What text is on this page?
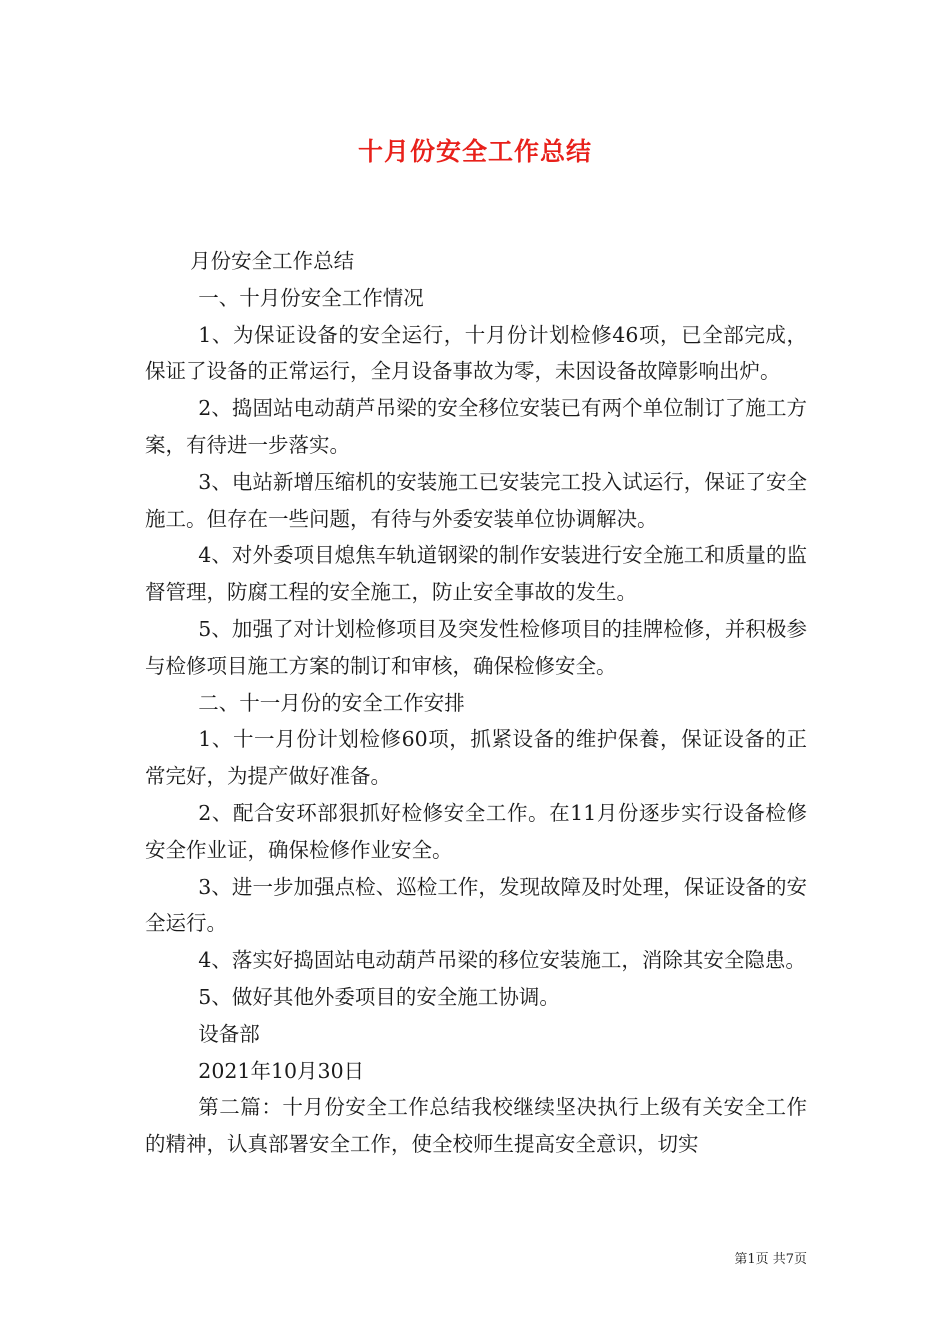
十月份安全工作总结

月份安全工作总结

一、十月份安全工作情况

1、为保证设备的安全运行，十月份计划检修46项，已全部完成，保证了设备的正常运行，全月设备事故为零，未因设备故障影响出炉。

2、捣固站电动葫芦吊梁的安全移位安装已有两个单位制订了施工方案，有待进一步落实。

3、电站新增压缩机的安装施工已安装完工投入试运行，保证了安全施工。但存在一些问题，有待与外委安装单位协调解决。

4、对外委项目熄焦车轨道钢梁的制作安装进行安全施工和质量的监督管理，防腐工程的安全施工，防止安全事故的发生。

5、加强了对计划检修项目及突发性检修项目的挂牌检修，并积极参与检修项目施工方案的制订和审核，确保检修安全。

二、十一月份的安全工作安排

1、十一月份计划检修60项，抓紧设备的维护保養，保证设备的正常完好，为提产做好准备。

2、配合安环部狠抓好检修安全工作。在11月份逐步实行设备检修安全作业证，确保检修作业安全。

3、进一步加强点检、巡检工作，发现故障及时处理，保证设备的安全运行。

4、落实好捣固站电动葫芦吊梁的移位安装施工，消除其安全隐患。

5、做好其他外委项目的安全施工协调。

设备部

2021年10月30日

第二篇：十月份安全工作总结我校继续坚决执行上级有关安全工作的精神，认真部署安全工作，使全校师生提高安全意识，切实

第1页 共7页
